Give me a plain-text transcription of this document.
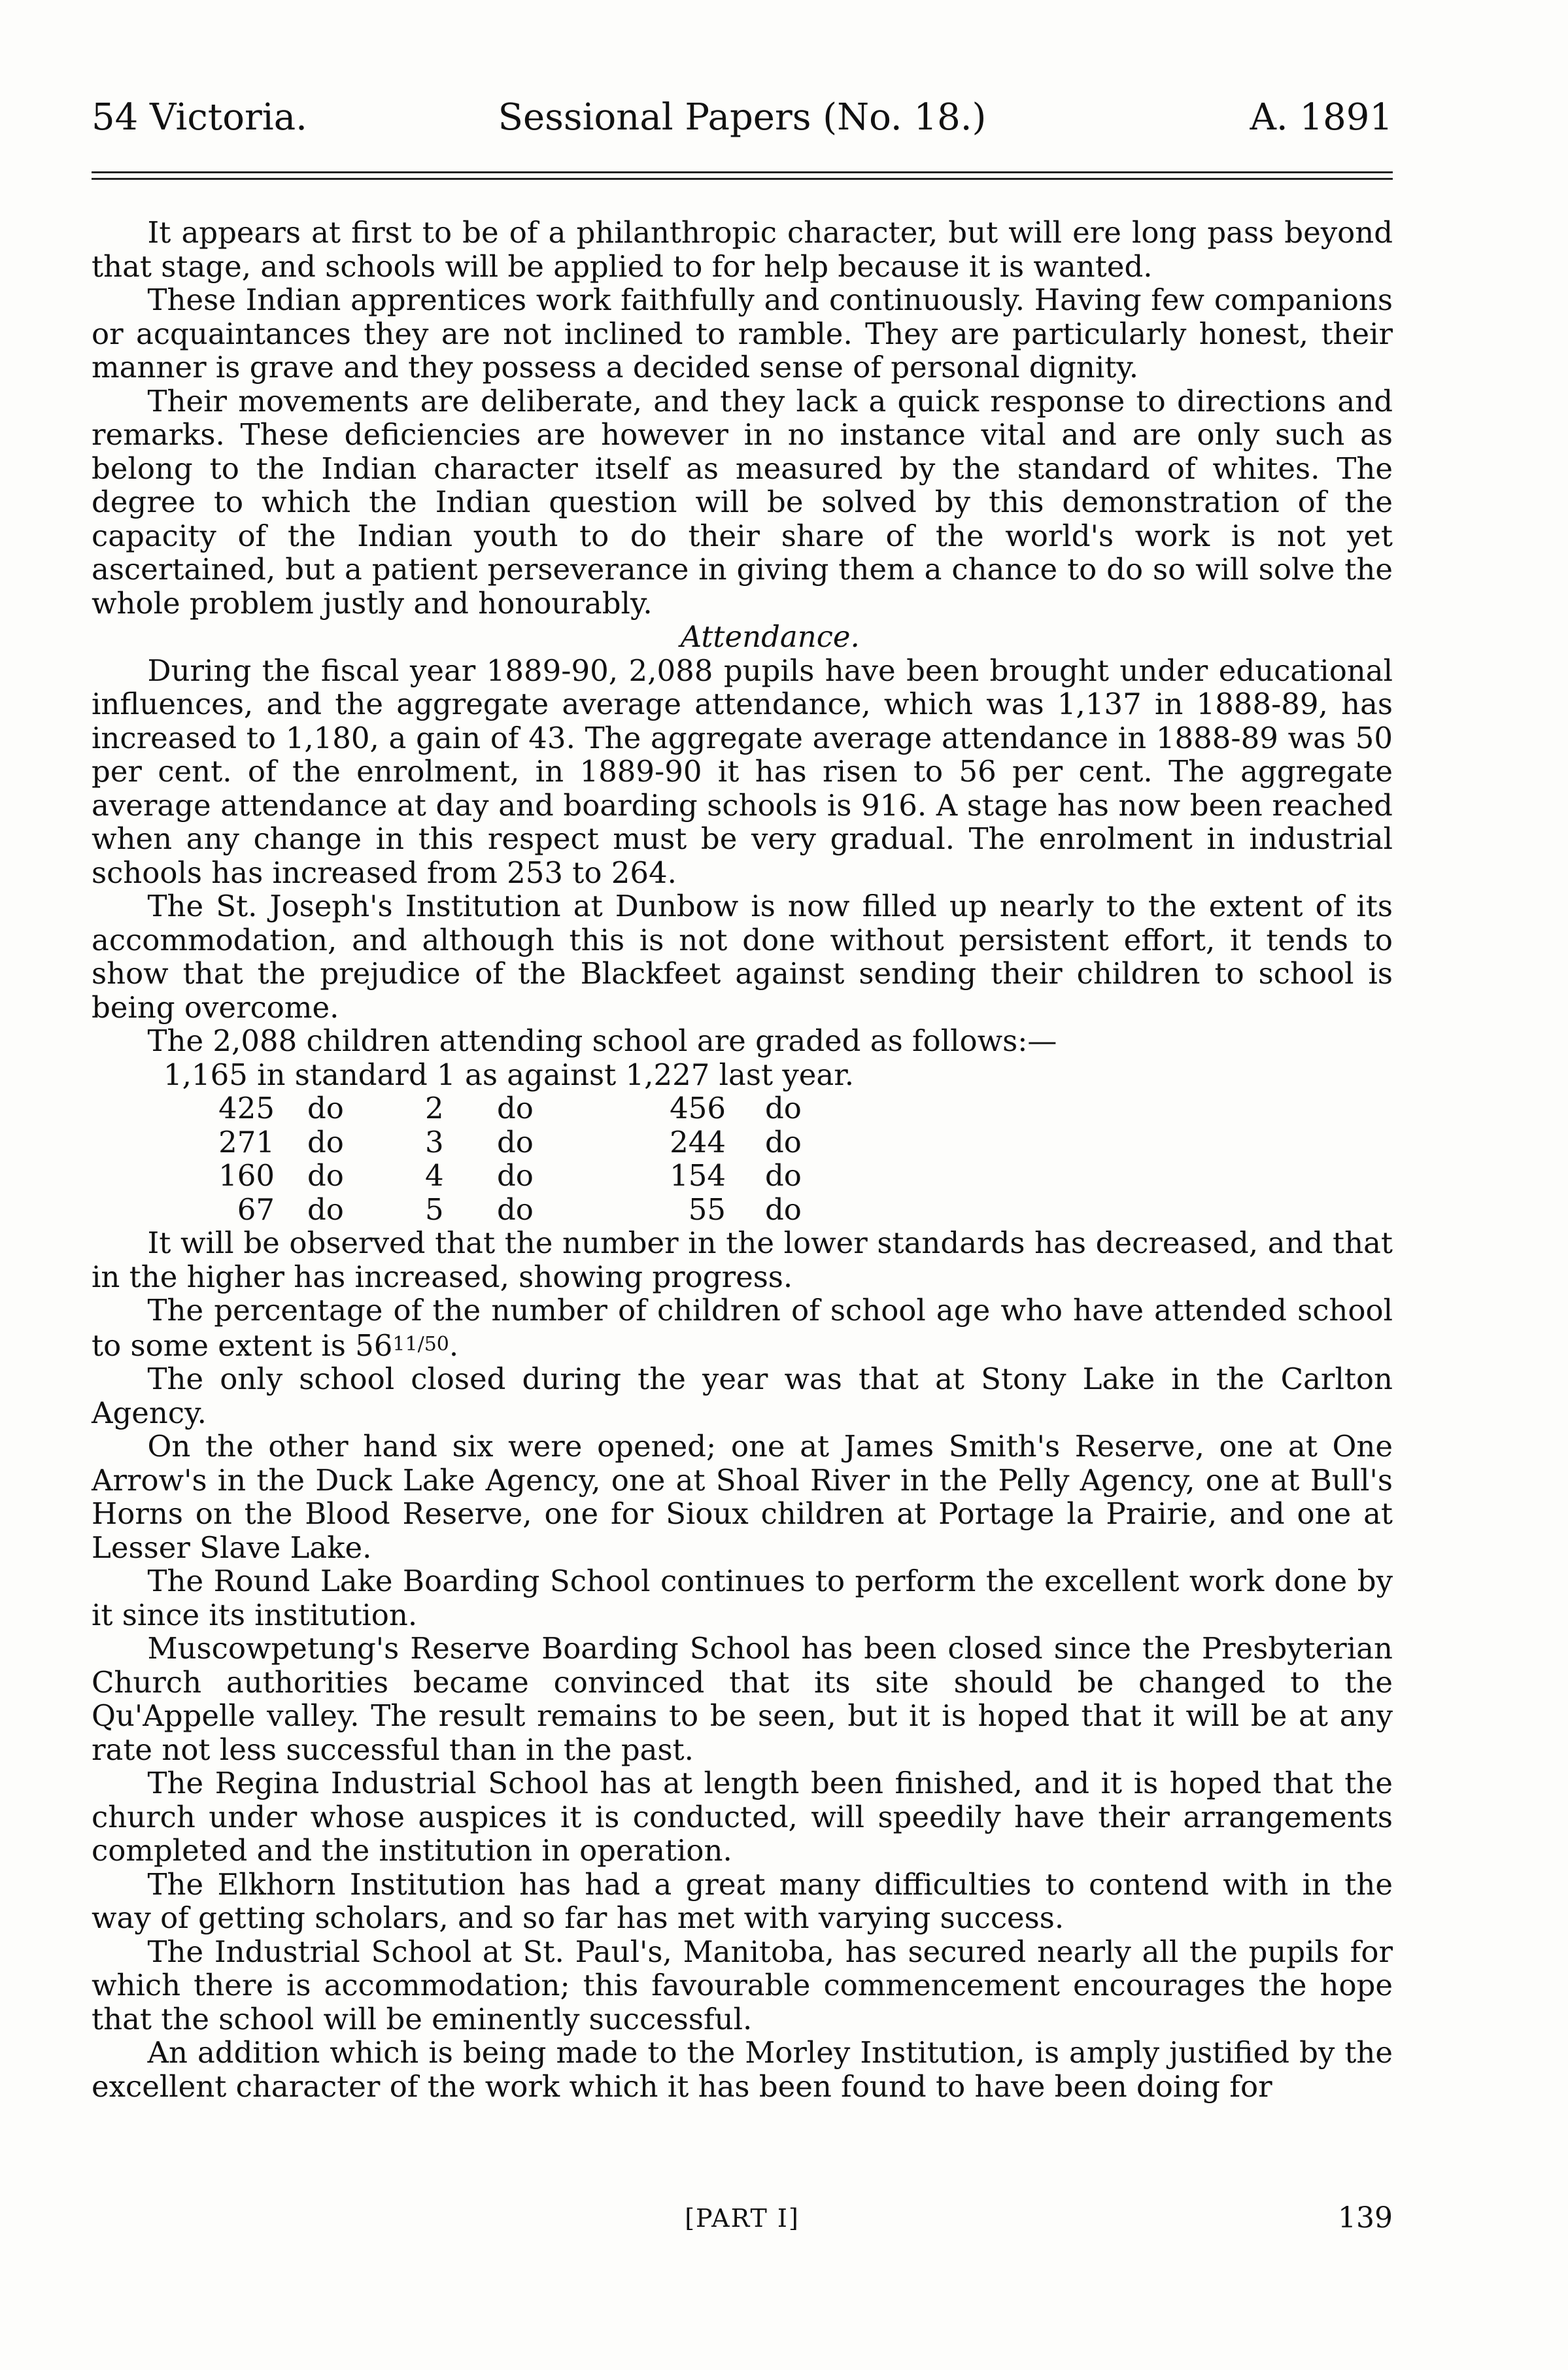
54 Victoria.	Sessional Papers (No. 18.)	A. 1891

It appears at first to be of a philanthropic character, but will ere long pass beyond that stage, and schools will be applied to for help because it is wanted.

These Indian apprentices work faithfully and continuously. Having few companions or acquaintances they are not inclined to ramble. They are particularly honest, their manner is grave and they possess a decided sense of personal dignity.

Their movements are deliberate, and they lack a quick response to directions and remarks. These deficiencies are however in no instance vital and are only such as belong to the Indian character itself as measured by the standard of whites. The degree to which the Indian question will be solved by this demonstration of the capacity of the Indian youth to do their share of the world's work is not yet ascertained, but a patient perseverance in giving them a chance to do so will solve the whole problem justly and honourably.

Attendance.

During the fiscal year 1889-90, 2,088 pupils have been brought under educational influences, and the aggregate average attendance, which was 1,137 in 1888-89, has increased to 1,180, a gain of 43. The aggregate average attendance in 1888-89 was 50 per cent. of the enrolment, in 1889-90 it has risen to 56 per cent. The aggregate average attendance at day and boarding schools is 916. A stage has now been reached when any change in this respect must be very gradual. The enrolment in industrial schools has increased from 253 to 264.

The St. Joseph's Institution at Dunbow is now filled up nearly to the extent of its accommodation, and although this is not done without persistent effort, it tends to show that the prejudice of the Blackfeet against sending their children to school is being overcome.

The 2,088 children attending school are graded as follows:—

1,165 in standard 1 as against 1,227 last year.
425	do	2	do	456	do
271	do	3	do	244	do
160	do	4	do	154	do
67	do	5	do	55	do

It will be observed that the number in the lower standards has decreased, and that in the higher has increased, showing progress.

The percentage of the number of children of school age who have attended school to some extent is 5611/50.

The only school closed during the year was that at Stony Lake in the Carlton Agency.

On the other hand six were opened; one at James Smith's Reserve, one at One Arrow's in the Duck Lake Agency, one at Shoal River in the Pelly Agency, one at Bull's Horns on the Blood Reserve, one for Sioux children at Portage la Prairie, and one at Lesser Slave Lake.

The Round Lake Boarding School continues to perform the excellent work done by it since its institution.

Muscowpetung's Reserve Boarding School has been closed since the Presbyterian Church authorities became convinced that its site should be changed to the Qu'Appelle valley. The result remains to be seen, but it is hoped that it will be at any rate not less successful than in the past.

The Regina Industrial School has at length been finished, and it is hoped that the church under whose auspices it is conducted, will speedily have their arrangements completed and the institution in operation.

The Elkhorn Institution has had a great many difficulties to contend with in the way of getting scholars, and so far has met with varying success.

The Industrial School at St. Paul's, Manitoba, has secured nearly all the pupils for which there is accommodation; this favourable commencement encourages the hope that the school will be eminently successful.

An addition which is being made to the Morley Institution, is amply justified by the excellent character of the work which it has been found to have been doing for

[PART I]	139
